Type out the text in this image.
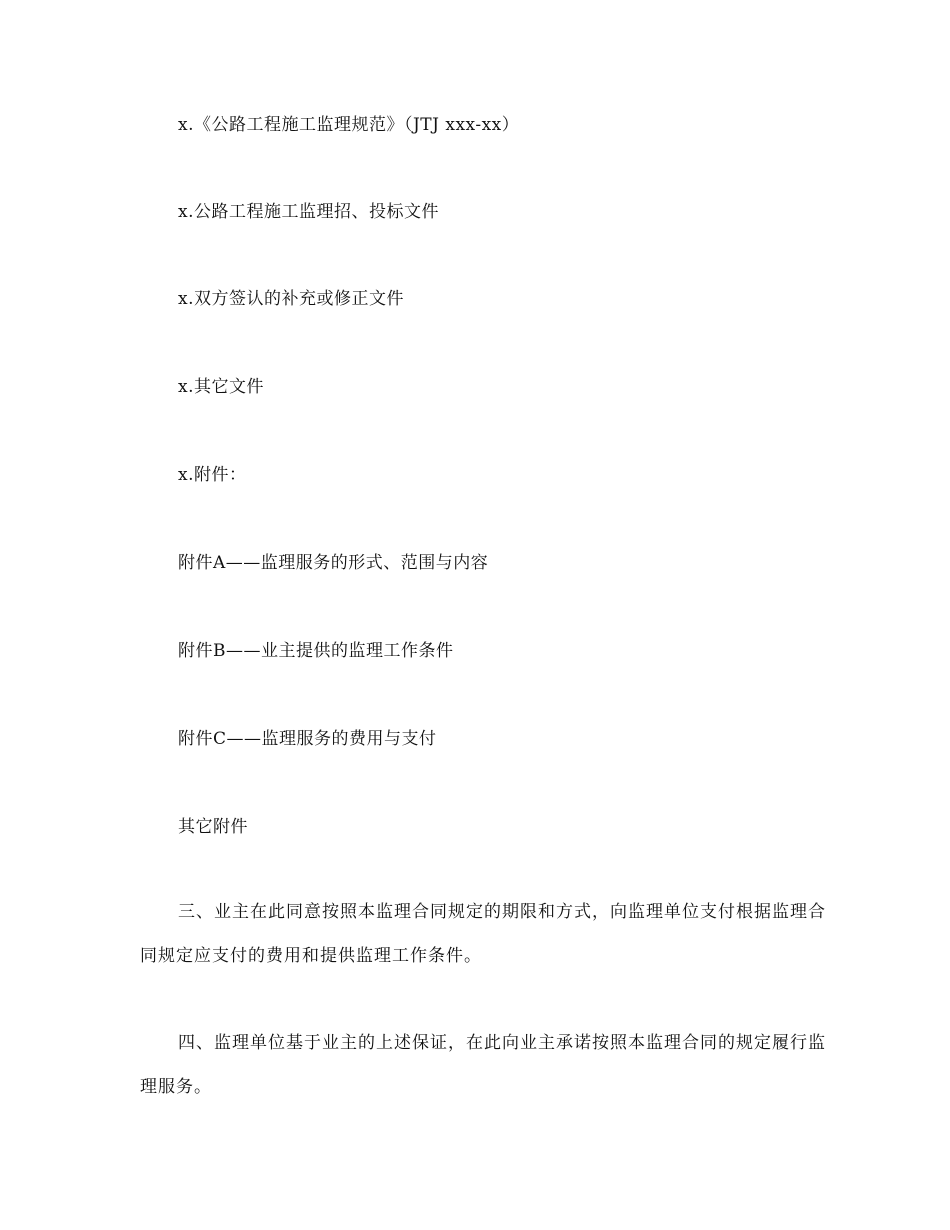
x.《公路工程施工监理规范》（JTJ xxx-xx）
x.公路工程施工监理招、投标文件
x.双方签认的补充或修正文件
x.其它文件
x.附件：
附件A——监理服务的形式、范围与内容
附件B——业主提供的监理工作条件
附件C——监理服务的费用与支付
其它附件
三、业主在此同意按照本监理合同规定的期限和方式，向监理单位支付根据监理合同规定应支付的费用和提供监理工作条件。
四、监理单位基于业主的上述保证，在此向业主承诺按照本监理合同的规定履行监理服务。
